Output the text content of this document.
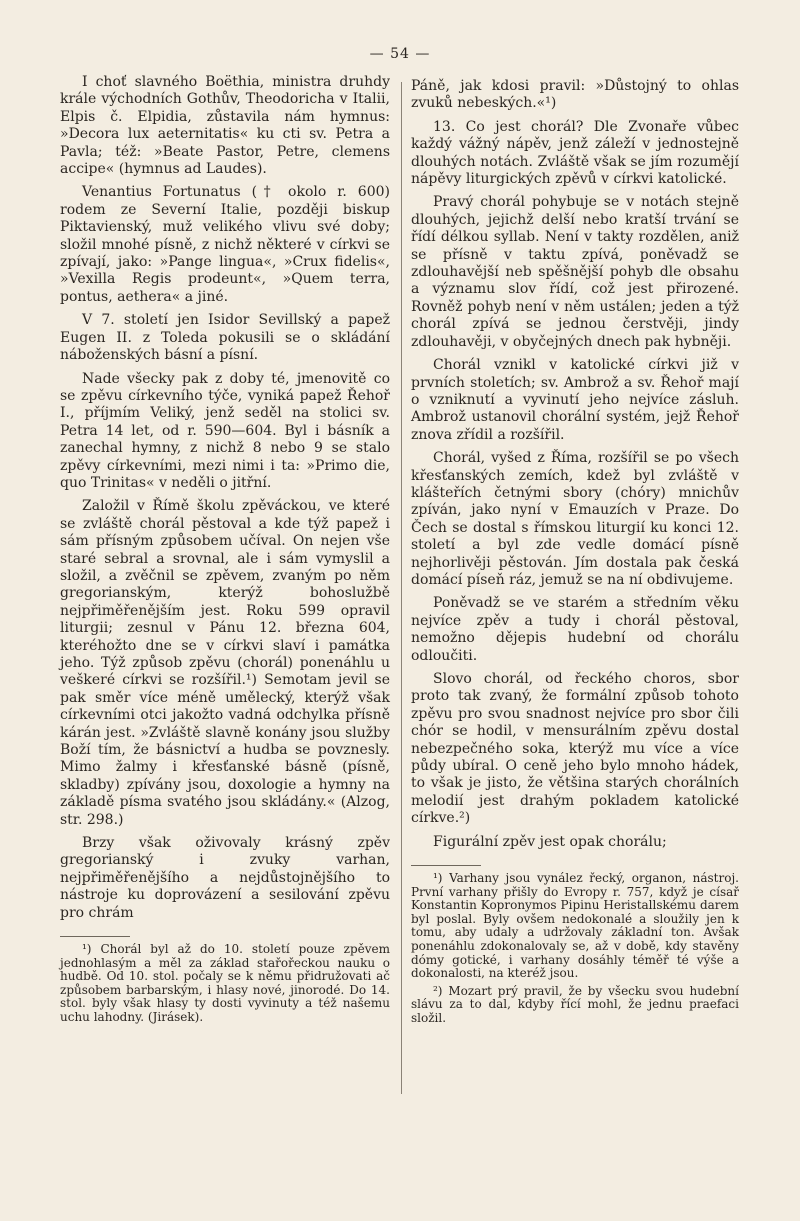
— 54 —

I choť slavného Boëthia, ministra druhdy krále východních Gothův, Theodoricha v Italii, Elpis č. Elpidia, zůstavila nám hymnus: »Decora lux aeternitatis« ku cti sv. Petra a Pavla; též: »Beate Pastor, Petre, clemens accipe« (hymnus ad Laudes).

Venantius Fortunatus († okolo r. 600) rodem ze Severní Italie, později biskup Piktavienský, muž velikého vlivu své doby; složil mnohé písně, z nichž některé v církvi se zpívají, jako: »Pange lingua«, »Crux fidelis«, »Vexilla Regis prodeunt«, »Quem terra, pontus, aethera« a jiné.

V 7. století jen Isidor Sevillský a papež Eugen II. z Toleda pokusili se o skládání náboženských básní a písní.

Nade všecky pak z doby té, jmenovitě co se zpěvu církevního týče, vyniká papež Řehoř I., příjmím Veliký, jenž seděl na stolici sv. Petra 14 let, od r. 590—604. Byl i básník a zanechal hymny, z nichž 8 nebo 9 se stalo zpěvy církevními, mezi nimi i ta: »Primo die, quo Trinitas« v neděli o jitřní.

Založil v Římě školu zpěváckou, ve které se zvláště chorál pěstoval a kde týž papež i sám přísným způsobem učíval. On nejen vše staré sebral a srovnal, ale i sám vymyslil a složil, a zvěčnil se zpěvem, zvaným po něm gregorianským, kterýž bohoslužbě nejpřiměřenějším jest. Roku 599 opravil liturgii; zesnul v Pánu 12. března 604, kteréhožto dne se v církvi slaví i památka jeho. Týž způsob zpěvu (chorál) ponenáhlu u veškeré církvi se rozšířil.¹) Semotam jevil se pak směr více méně umělecký, kterýž však církevními otci jakožto vadná odchylka přísně kárán jest. »Zvláště slavně konány jsou služby Boží tím, že básnictví a hudba se povznesly. Mimo žalmy i křesťanské básně (písně, skladby) zpívány jsou, doxologie a hymny na základě písma svatého jsou skládány.« (Alzog, str. 298.)

Brzy však oživovaly krásný zpěv gregorianský i zvuky varhan, nejpřiměřenějšího a nejdůstojnějšího to nástroje ku doprovázení a sesilování zpěvu pro chrám

¹) Chorál byl až do 10. století pouze zpěvem jednohlasým a měl za základ stařořeckou nauku o hudbě. Od 10. stol. počaly se k němu přidružovati ač způsobem barbarským, i hlasy nové, jinorodé. Do 14. stol. byly však hlasy ty dosti vyvinuty a též našemu uchu lahodny. (Jirásek).

Páně, jak kdosi pravil: »Důstojný to ohlas zvuků nebeských.«¹)

13. Co jest chorál? Dle Zvonaře vůbec každý vážný nápěv, jenž záleží v jednostejně dlouhých notách. Zvláště však se jím rozumějí nápěvy liturgických zpěvů v církvi katolické.

Pravý chorál pohybuje se v notách stejně dlouhých, jejichž delší nebo kratší trvání se řídí délkou syllab. Není v takty rozdělen, aniž se přísně v taktu zpívá, poněvadž se zdlouhavější neb spěšnější pohyb dle obsahu a významu slov řídí, což jest přirozené. Rovněž pohyb není v něm ustálen; jeden a týž chorál zpívá se jednou čerstvěji, jindy zdlouhavěji, v obyčejných dnech pak hybněji.

Chorál vznikl v katolické církvi již v prvních stoletích; sv. Ambrož a sv. Řehoř mají o vzniknutí a vyvinutí jeho nejvíce zásluh. Ambrož ustanovil chorální systém, jejž Řehoř znova zřídil a rozšířil.

Chorál, vyšed z Říma, rozšířil se po všech křesťanských zemích, kdež byl zvláště v klášteřích četnými sbory (chóry) mnichův zpíván, jako nyní v Emauzích v Praze. Do Čech se dostal s římskou liturgií ku konci 12. století a byl zde vedle domácí písně nejhorlivěji pěstován. Jím dostala pak česká domácí píseň ráz, jemuž se na ní obdivujeme.

Poněvadž se ve starém a středním věku nejvíce zpěv a tudy i chorál pěstoval, nemožno dějepis hudební od chorálu odloučiti.

Slovo chorál, od řeckého choros, sbor proto tak zvaný, že formální způsob tohoto zpěvu pro svou snadnost nejvíce pro sbor čili chór se hodil, v mensurálním zpěvu dostal nebezpečného soka, kterýž mu více a více půdy ubíral. O ceně jeho bylo mnoho hádek, to však je jisto, že většina starých chorálních melodií jest drahým pokladem katolické církve.²)

Figurální zpěv jest opak chorálu;

¹) Varhany jsou vynález řecký, organon, nástroj. První varhany přišly do Evropy r. 757, když je císař Konstantin Kopronymos Pipinu Heristallskému darem byl poslal. Byly ovšem nedokonalé a sloužily jen k tomu, aby udaly a udržovaly základní ton. Avšak ponenáhlu zdokonalovaly se, až v době, kdy stavěny dómy gotické, i varhany dosáhly téměř té výše a dokonalosti, na kteréž jsou.

²) Mozart prý pravil, že by všecku svou hudební slávu za to dal, kdyby řící mohl, že jednu praefaci složil.
